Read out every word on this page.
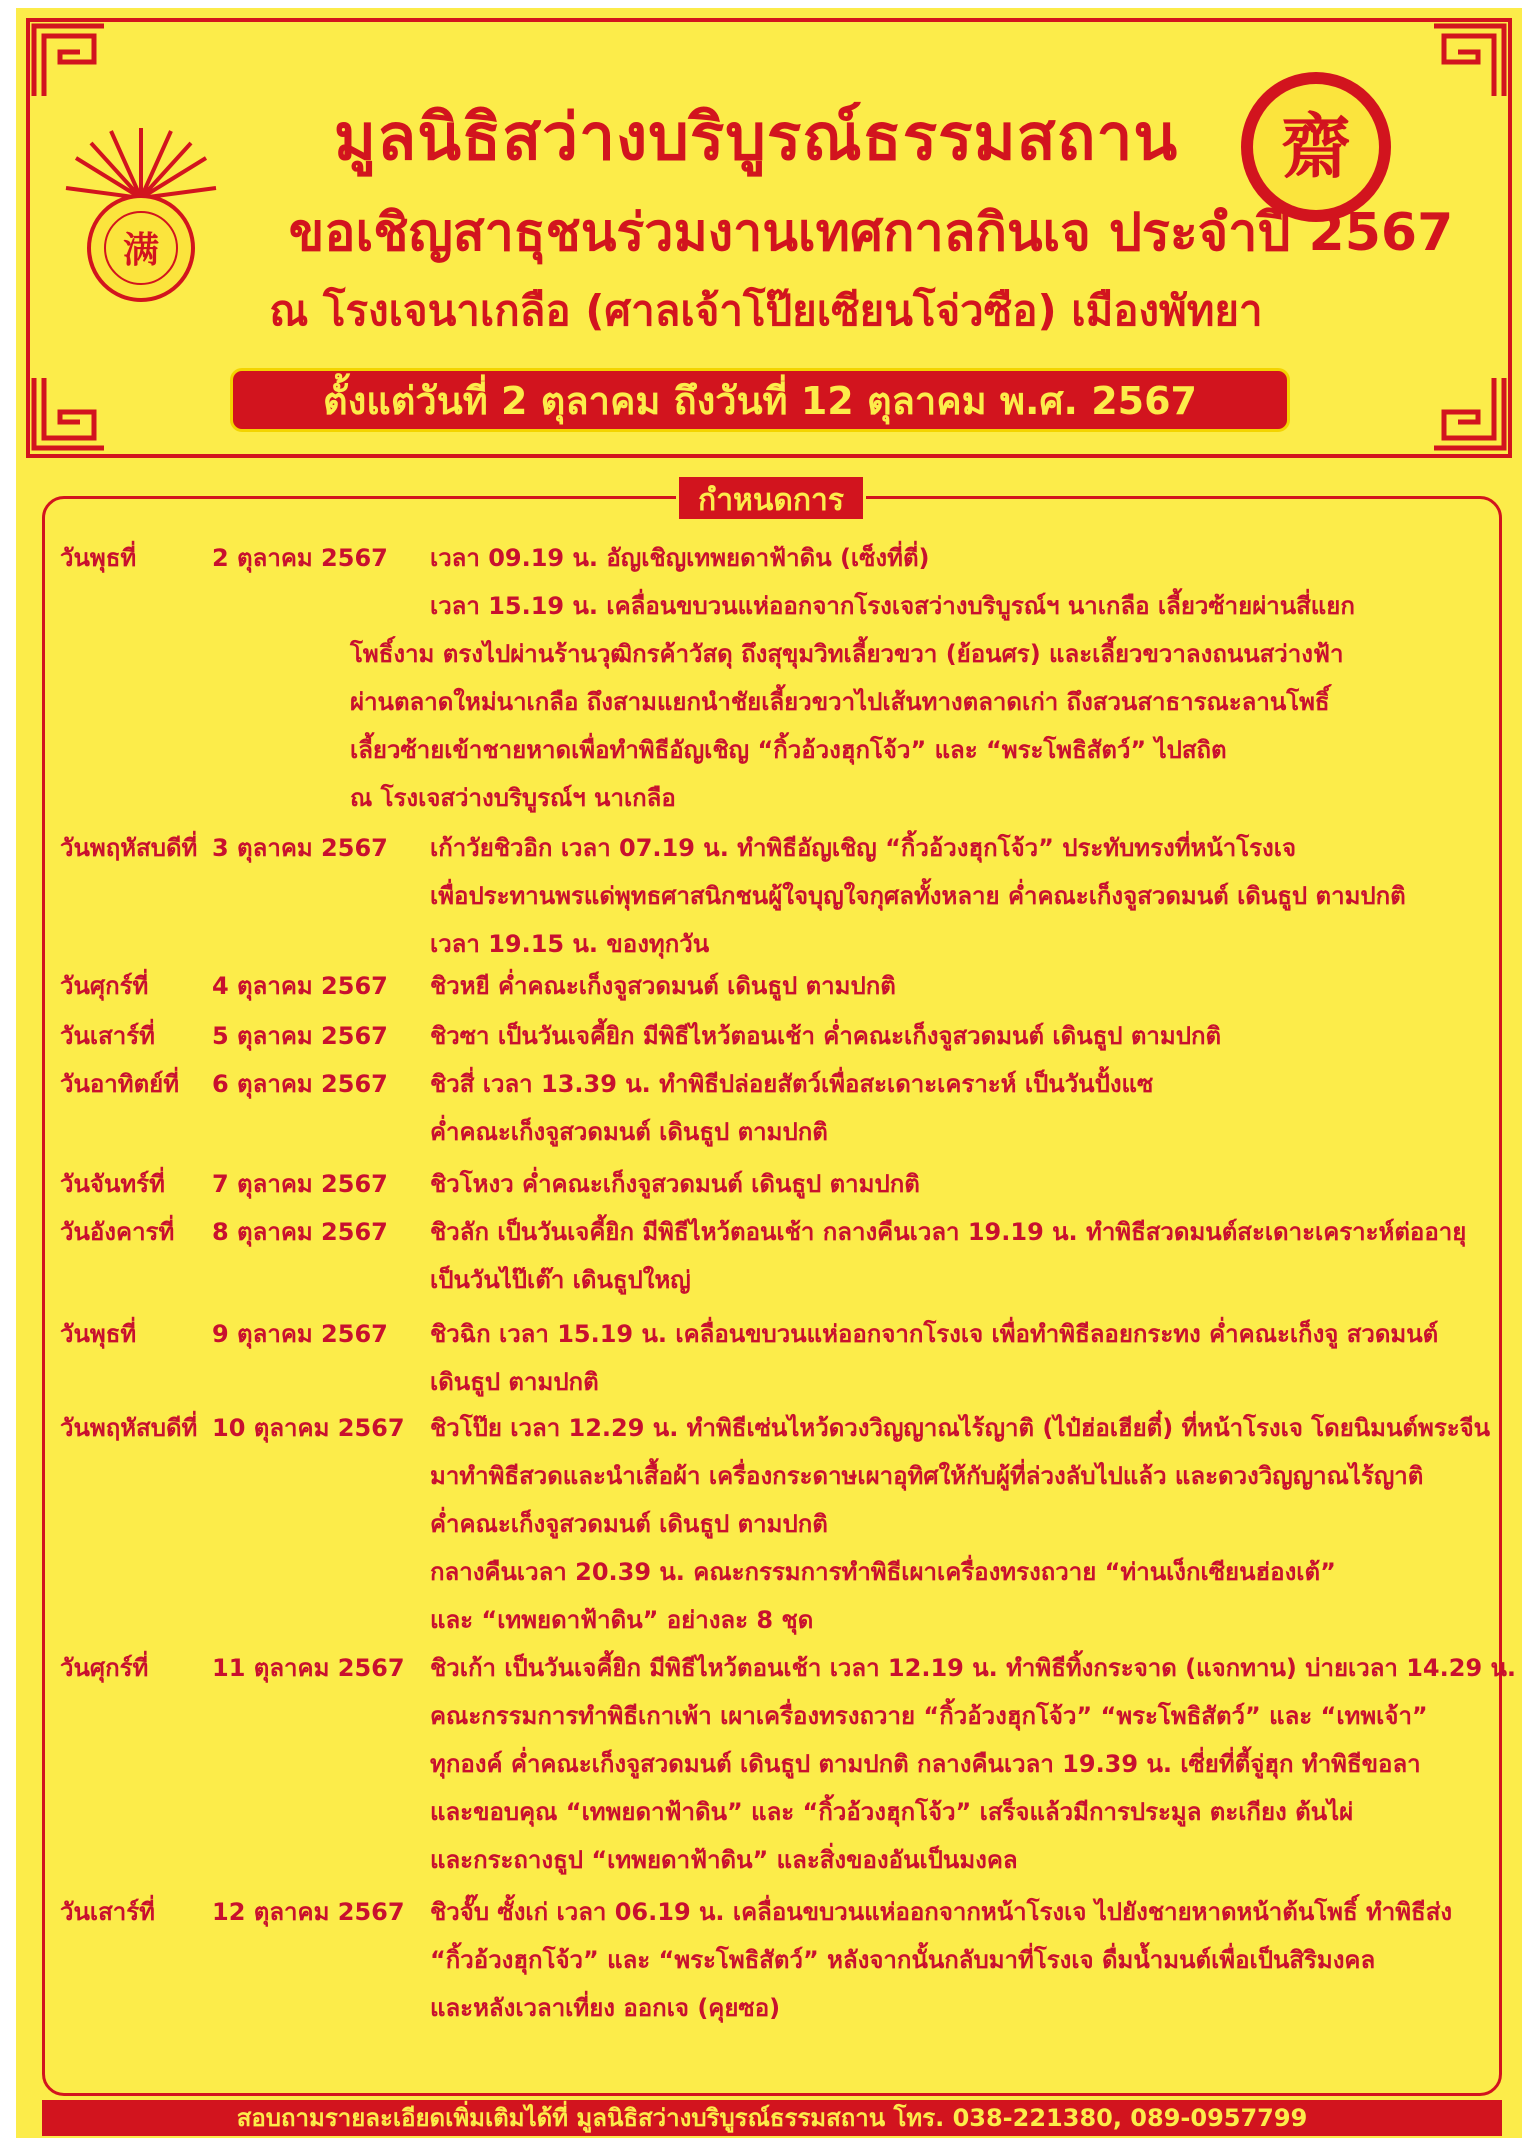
满
齋
มูลนิธิสว่างบริบูรณ์ธรรมสถาน
ขอเชิญสาธุชนร่วมงานเทศกาลกินเจ ประจำปี 2567
ณ โรงเจนาเกลือ (ศาลเจ้าโป๊ยเซียนโจ่วซือ) เมืองพัทยา
ตั้งแต่วันที่ 2 ตุลาคม ถึงวันที่ 12 ตุลาคม พ.ศ. 2567
กำหนดการ
วันพุธที่	2 ตุลาคม 2567	เวลา 09.19 น. อัญเชิญเทพยดาฟ้าดิน (เซ็งที่ตี่)
เวลา 15.19 น. เคลื่อนขบวนแห่ออกจากโรงเจสว่างบริบูรณ์ฯ นาเกลือ เลี้ยวซ้ายผ่านสี่แยก
โพธิ์งาม ตรงไปผ่านร้านวุฒิกรค้าวัสดุ ถึงสุขุมวิทเลี้ยวขวา (ย้อนศร) และเลี้ยวขวาลงถนนสว่างฟ้า
ผ่านตลาดใหม่นาเกลือ ถึงสามแยกนำชัยเลี้ยวขวาไปเส้นทางตลาดเก่า ถึงสวนสาธารณะลานโพธิ์
เลี้ยวซ้ายเข้าชายหาดเพื่อทำพิธีอัญเชิญ “กิ้วอ้วงฮุกโจ้ว” และ “พระโพธิสัตว์” ไปสถิต
ณ โรงเจสว่างบริบูรณ์ฯ นาเกลือ
วันพฤหัสบดีที่ 3 ตุลาคม 2567	เก้าวัยชิวอิก เวลา 07.19 น. ทำพิธีอัญเชิญ “กิ้วอ้วงฮุกโจ้ว” ประทับทรงที่หน้าโรงเจ
เพื่อประทานพรแด่พุทธศาสนิกชนผู้ใจบุญใจกุศลทั้งหลาย ค่ำคณะเก็งจูสวดมนต์ เดินธูป ตามปกติ
เวลา 19.15 น. ของทุกวัน
วันศุกร์ที่	4 ตุลาคม 2567	ชิวหยี ค่ำคณะเก็งจูสวดมนต์ เดินธูป ตามปกติ
วันเสาร์ที่	5 ตุลาคม 2567	ชิวซา เป็นวันเจคี้ยิก มีพิธีไหว้ตอนเช้า ค่ำคณะเก็งจูสวดมนต์ เดินธูป ตามปกติ
วันอาทิตย์ที่	6 ตุลาคม 2567	ชิวสี่ เวลา 13.39 น. ทำพิธีปล่อยสัตว์เพื่อสะเดาะเคราะห์ เป็นวันปั้งแซ
ค่ำคณะเก็งจูสวดมนต์ เดินธูป ตามปกติ
วันจันทร์ที่	7 ตุลาคม 2567	ชิวโหงว ค่ำคณะเก็งจูสวดมนต์ เดินธูป ตามปกติ
วันอังคารที่	8 ตุลาคม 2567	ชิวลัก เป็นวันเจคี้ยิก มีพิธีไหว้ตอนเช้า กลางคืนเวลา 19.19 น. ทำพิธีสวดมนต์สะเดาะเคราะห์ต่ออายุ
เป็นวันไป๊เต๊า เดินธูปใหญ่
วันพุธที่	9 ตุลาคม 2567	ชิวฉิก เวลา 15.19 น. เคลื่อนขบวนแห่ออกจากโรงเจ เพื่อทำพิธีลอยกระทง ค่ำคณะเก็งจู สวดมนต์
เดินธูป ตามปกติ
วันพฤหัสบดีที่ 10 ตุลาคม 2567	ชิวโป๊ย เวลา 12.29 น. ทำพิธีเซ่นไหว้ดวงวิญญาณไร้ญาติ (ไป๋ฮ่อเฮียตี๋) ที่หน้าโรงเจ โดยนิมนต์พระจีน
มาทำพิธีสวดและนำเสื้อผ้า เครื่องกระดาษเผาอุทิศให้กับผู้ที่ล่วงลับไปแล้ว และดวงวิญญาณไร้ญาติ
ค่ำคณะเก็งจูสวดมนต์ เดินธูป ตามปกติ
กลางคืนเวลา 20.39 น. คณะกรรมการทำพิธีเผาเครื่องทรงถวาย “ท่านเง็กเซียนฮ่องเต้”
และ “เทพยดาฟ้าดิน” อย่างละ 8 ชุด
วันศุกร์ที่	11 ตุลาคม 2567	ชิวเก้า เป็นวันเจคี้ยิก มีพิธีไหว้ตอนเช้า เวลา 12.19 น. ทำพิธีทิ้งกระจาด (แจกทาน) บ่ายเวลา 14.29 น.
คณะกรรมการทำพิธีเกาเพ้า เผาเครื่องทรงถวาย “กิ้วอ้วงฮุกโจ้ว” “พระโพธิสัตว์” และ “เทพเจ้า”
ทุกองค์ ค่ำคณะเก็งจูสวดมนต์ เดินธูป ตามปกติ กลางคืนเวลา 19.39 น. เซี่ยที่ตี้จู่ฮุก ทำพิธีขอลา
และขอบคุณ “เทพยดาฟ้าดิน” และ “กิ้วอ้วงฮุกโจ้ว” เสร็จแล้วมีการประมูล ตะเกียง ต้นไผ่
และกระถางธูป “เทพยดาฟ้าดิน” และสิ่งของอันเป็นมงคล
วันเสาร์ที่	12 ตุลาคม 2567	ชิวจั๊บ ซั้งเก่ เวลา 06.19 น. เคลื่อนขบวนแห่ออกจากหน้าโรงเจ ไปยังชายหาดหน้าต้นโพธิ์ ทำพิธีส่ง
“กิ้วอ้วงฮุกโจ้ว” และ “พระโพธิสัตว์” หลังจากนั้นกลับมาที่โรงเจ ดื่มน้ำมนต์เพื่อเป็นสิริมงคล
และหลังเวลาเที่ยง ออกเจ (คุยซอ)
สอบถามรายละเอียดเพิ่มเติมได้ที่ มูลนิธิสว่างบริบูรณ์ธรรมสถาน โทร. 038-221380, 089-0957799
